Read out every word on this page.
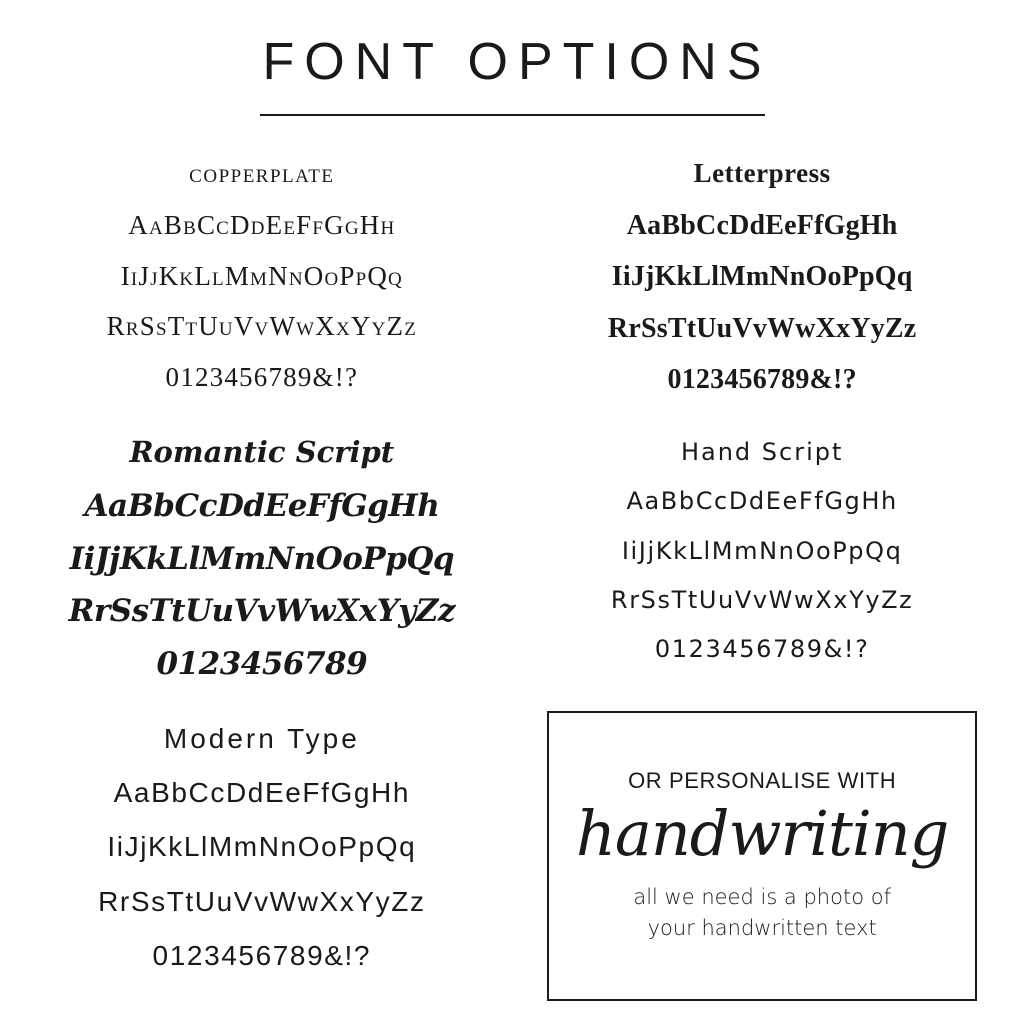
FONT OPTIONS
copperplate
AaBbCcDdEeFfGgHh
IiJjKkLlMmNnOoPpQq
RrSsTtUuVvWwXxYyZz
0123456789&!?
Romantic Script
AaBbCcDdEeFfGgHh
IiJjKkLlMmNnOoPpQq
RrSsTtUuVvWwXxYyZz
0123456789
Modern Type
AaBbCcDdEeFfGgHh
IiJjKkLlMmNnOoPpQq
RrSsTtUuVvWwXxYyZz
0123456789&!?
Letterpress
AaBbCcDdEeFfGgHh
IiJjKkLlMmNnOoPpQq
RrSsTtUuVvWwXxYyZz
0123456789&!?
Hand Script
AaBbCcDdEeFfGgHh
IiJjKkLlMmNnOoPpQq
RrSsTtUuVvWwXxYyZz
0123456789&!?
OR PERSONALISE WITH
handwriting
all we need is a photo of
your handwritten text
